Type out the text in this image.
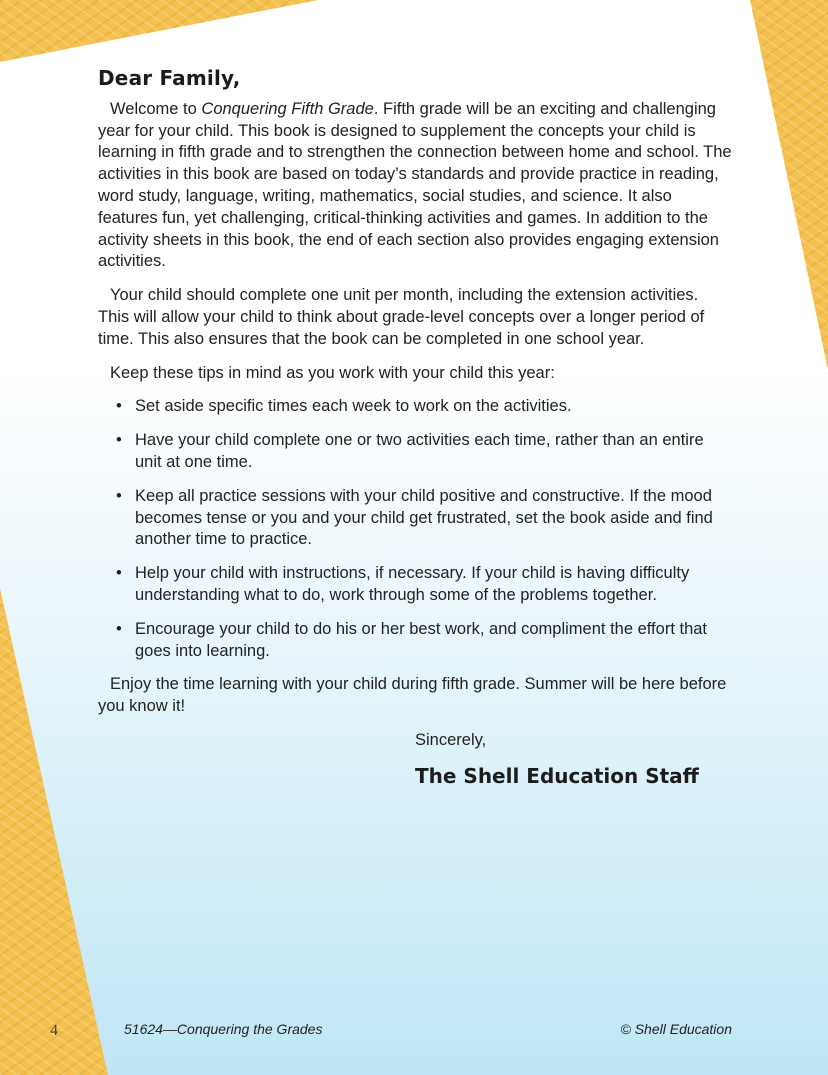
Dear Family,

Welcome to Conquering Fifth Grade. Fifth grade will be an exciting and challenging year for your child. This book is designed to supplement the concepts your child is learning in fifth grade and to strengthen the connection between home and school. The activities in this book are based on today’s standards and provide practice in reading, word study, language, writing, mathematics, social studies, and science. It also features fun, yet challenging, critical-thinking activities and games. In addition to the activity sheets in this book, the end of each section also provides engaging extension activities.

Your child should complete one unit per month, including the extension activities. This will allow your child to think about grade-level concepts over a longer period of time. This also ensures that the book can be completed in one school year.

Keep these tips in mind as you work with your child this year:

• Set aside specific times each week to work on the activities.
• Have your child complete one or two activities each time, rather than an entire unit at one time.
• Keep all practice sessions with your child positive and constructive. If the mood becomes tense or you and your child get frustrated, set the book aside and find another time to practice.
• Help your child with instructions, if necessary. If your child is having difficulty understanding what to do, work through some of the problems together.
• Encourage your child to do his or her best work, and compliment the effort that goes into learning.

Enjoy the time learning with your child during fifth grade. Summer will be here before you know it!

Sincerely,
The Shell Education Staff
4	51624—Conquering the Grades	© Shell Education
